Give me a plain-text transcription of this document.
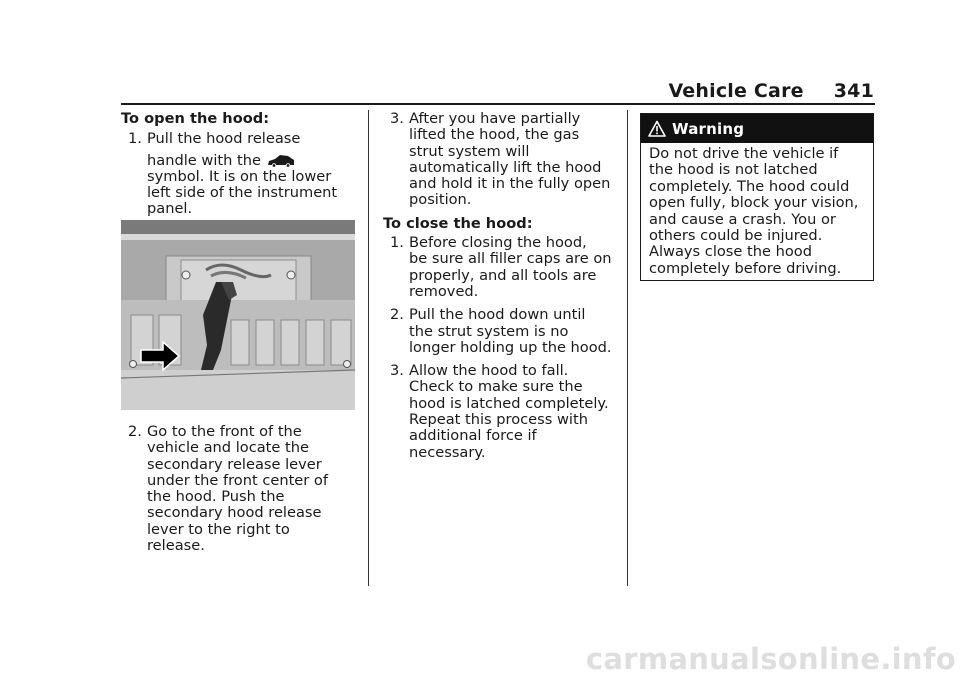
Vehicle Care 341

To open the hood:

1. Pull the hood release
handle with the
symbol. It is on the lower
left side of the instrument
panel.
2. Go to the front of the
vehicle and locate the
secondary release lever
under the front center of
the hood. Push the
secondary hood release
lever to the right to
release.
3. After you have partially
lifted the hood, the gas
strut system will
automatically lift the hood
and hold it in the fully open
position.

To close the hood:

1. Before closing the hood,
be sure all filler caps are on
properly, and all tools are
removed.
2. Pull the hood down until
the strut system is no
longer holding up the hood.
3. Allow the hood to fall.
Check to make sure the
hood is latched completely.
Repeat this process with
additional force if
necessary.
Warning
Do not drive the vehicle if
the hood is not latched
completely. The hood could
open fully, block your vision,
and cause a crash. You or
others could be injured.
Always close the hood
completely before driving.
carmanualsonline.info
